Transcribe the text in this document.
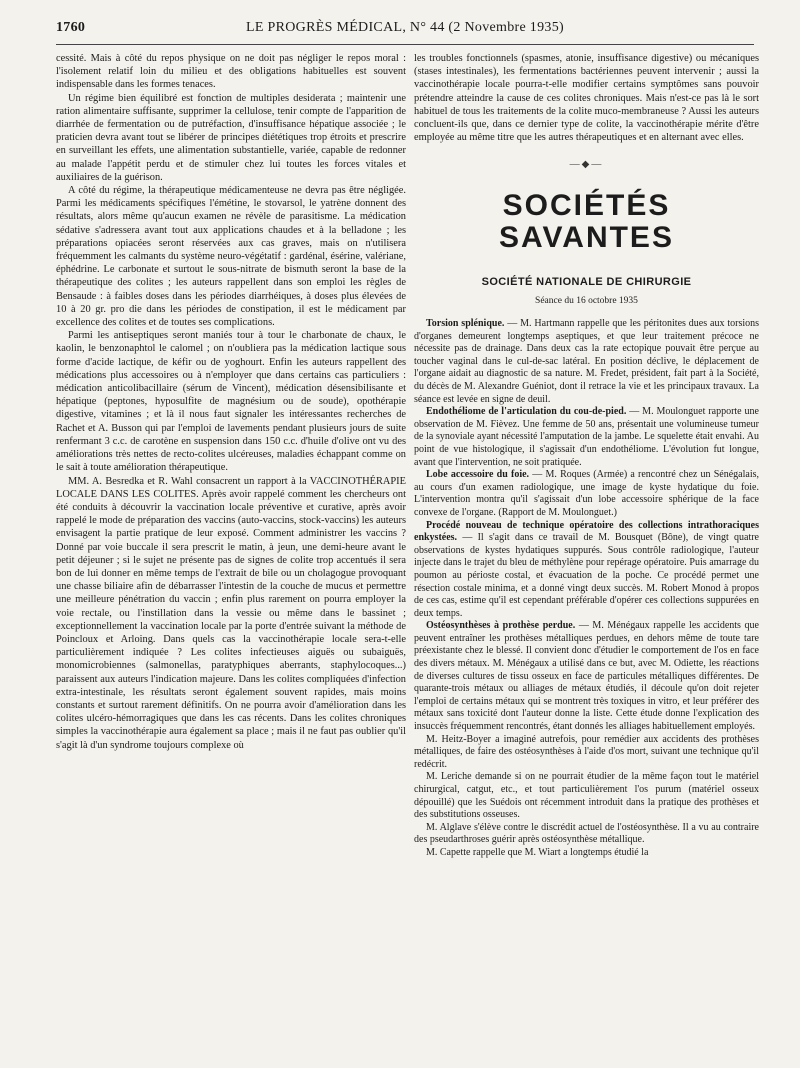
1760	LE PROGRÈS MÉDICAL, N° 44 (2 Novembre 1935)

cessité. Mais à côté du repos physique on ne doit pas négliger le repos moral : l'isolement relatif loin du milieu et des obligations habituelles est souvent indispensable dans les formes tenaces.

Un régime bien équilibré est fonction de multiples desiderata ; maintenir une ration alimentaire suffisante, supprimer la cellulose, tenir compte de l'apparition de diarrhée de fermentation ou de putréfaction, d'insuffisance hépatique associée ; le praticien devra avant tout se libérer de principes diététiques trop étroits et prescrire en surveillant les effets, une alimentation substantielle, variée, capable de redonner au malade l'appétit perdu et de stimuler chez lui toutes les forces vitales et auxiliaires de la guérison.

A côté du régime, la thérapeutique médicamenteuse ne devra pas être négligée. Parmi les médicaments spécifiques l'émétine, le stovarsol, le yatrène donnent des résultats, alors même qu'aucun examen ne révèle de parasitisme. La médication sédative s'adressera avant tout aux applications chaudes et à la belladone ; les préparations opiacées seront réservées aux cas graves, mais on n'utilisera fréquemment les calmants du système neuro-végétatif : gardénal, ésérine, valériane, éphédrine. Le carbonate et surtout le sous-nitrate de bismuth seront la base de la thérapeutique des colites ; les auteurs rappellent dans son emploi les règles de Bensaude : à faibles doses dans les périodes diarrhéiques, à doses plus élevées de 10 à 20 gr. pro die dans les périodes de constipation, il est le médicament par excellence des colites et de toutes ses complications.

Parmi les antiseptiques seront maniés tour à tour le charbonate de chaux, le kaolin, le benzonaphtol le calomel ; on n'oubliera pas la médication lactique sous forme d'acide lactique, de kéfir ou de yoghourt. Enfin les auteurs rappellent des médications plus accessoires ou à n'employer que dans certains cas particuliers : médication anticolibacillaire (sérum de Vincent), médication désensibilisante et hépatique (peptones, hyposulfite de magnésium ou de soude), opothérapie digestive, vitamines ; et là il nous faut signaler les intéressantes recherches de Rachet et A. Busson qui par l'emploi de lavements pendant plusieurs jours de suite renfermant 3 c.c. de carotène en suspension dans 150 c.c. d'huile d'olive ont vu des améliorations très nettes de recto-colites ulcéreuses, maladies échappant comme on le sait à toute amélioration thérapeutique.

MM. A. Besredka et R. Wahl consacrent un rapport à la VACCINOTHÉRAPIE LOCALE DANS LES COLITES. Après avoir rappelé comment les chercheurs ont été conduits à découvrir la vaccination locale préventive et curative, après avoir rappelé le mode de préparation des vaccins (auto-vaccins, stock-vaccins) les auteurs envisagent la partie pratique de leur exposé. Comment administrer les vaccins ? Donné par voie buccale il sera prescrit le matin, à jeun, une demi-heure avant le petit déjeuner ; si le sujet ne présente pas de signes de colite trop accentués il sera bon de lui donner en même temps de l'extrait de bile ou un cholagogue provoquant une chasse biliaire afin de débarrasser l'intestin de la couche de mucus et permettre une meilleure pénétration du vaccin ; enfin plus rarement on pourra employer la voie rectale, ou l'instillation dans la vessie ou même dans le bassinet ; exceptionnellement la vaccination locale par la porte d'entrée suivant la méthode de Poincloux et Arloing. Dans quels cas la vaccinothérapie locale sera-t-elle particulièrement indiquée ? Les colites infectieuses aiguës ou subaiguës, monomicrobiennes (salmonellas, paratyphiques aberrants, staphylocoques...) paraissent aux auteurs l'indication majeure. Dans les colites compliquées d'infection extra-intestinale, les résultats seront également souvent rapides, mais moins constants et surtout rarement définitifs. On ne pourra avoir d'amélioration dans les colites ulcéro-hémorragiques que dans les cas récents. Dans les colites chroniques simples la vaccinothérapie aura également sa place ; mais il ne faut pas oublier qu'il s'agit là d'un syndrome toujours complexe où

les troubles fonctionnels (spasmes, atonie, insuffisance digestive) ou mécaniques (stases intestinales), les fermentations bactériennes peuvent intervenir ; aussi la vaccinothérapie locale pourra-t-elle modifier certains symptômes sans pouvoir prétendre atteindre la cause de ces colites chroniques. Mais n'est-ce pas là le sort habituel de tous les traitements de la colite muco-membraneuse ? Aussi les auteurs concluent-ils que, dans ce dernier type de colite, la vaccinothérapie mérite d'être employée au même titre que les autres thérapeutiques et en alternant avec elles.

—◆—
SOCIÉTÉS SAVANTES
SOCIÉTÉ NATIONALE DE CHIRURGIE
Séance du 16 octobre 1935

Torsion splénique. — M. Hartmann rappelle que les péritonites dues aux torsions d'organes demeurent longtemps aseptiques, et que leur traitement précoce ne nécessite pas de drainage. Dans deux cas la rate ectopique pouvait être perçue au toucher vaginal dans le cul-de-sac latéral. En position déclive, le déplacement de l'organe aidait au diagnostic de sa nature. M. Fredet, président, fait part à la Société, du décès de M. Alexandre Guéniot, dont il retrace la vie et les principaux travaux. La séance est levée en signe de deuil.

Endothéliome de l'articulation du cou-de-pied. — M. Moulonguet rapporte une observation de M. Fièvez. Une femme de 50 ans, présentait une volumineuse tumeur de la synoviale ayant nécessité l'amputation de la jambe. Le squelette était envahi. Au point de vue histologique, il s'agissait d'un endothéliome. L'évolution fut longue, avant que l'intervention, ne soit pratiquée.

Lobe accessoire du foie. — M. Roques (Armée) a rencontré chez un Sénégalais, au cours d'un examen radiologique, une image de kyste hydatique du foie. L'intervention montra qu'il s'agissait d'un lobe accessoire sphérique de la face convexe de l'organe. (Rapport de M. Moulonguet.)

Procédé nouveau de technique opératoire des collections intrathoraciques enkystées. — Il s'agit dans ce travail de M. Bousquet (Bône), de vingt quatre observations de kystes hydatiques suppurés. Sous contrôle radiologique, l'auteur injecte dans le trajet du bleu de méthylène pour repérage opératoire. Puis amarrage du poumon au périoste costal, et évacuation de la poche. Ce procédé permet une résection costale minima, et a donné vingt deux succès. M. Robert Monod à propos de ces cas, estime qu'il est cependant préférable d'opérer ces collections suppurées en deux temps.

Ostéosynthèses à prothèse perdue. — M. Ménégaux rappelle les accidents que peuvent entraîner les prothèses métalliques perdues, en dehors même de toute tare préexistante chez le blessé. Il convient donc d'étudier le comportement de l'os en face des divers métaux. M. Ménégaux a utilisé dans ce but, avec M. Odiette, les réactions de diverses cultures de tissu osseux en face de particules métalliques différentes. De quarante-trois métaux ou alliages de métaux étudiés, il découle qu'on doit rejeter l'emploi de certains métaux qui se montrent très toxiques in vitro, et leur préférer des métaux sans toxicité dont l'auteur donne la liste. Cette étude donne l'explication des insuccès fréquemment rencontrés, étant donnés les alliages habituellement employés.

M. Heitz-Boyer a imaginé autrefois, pour remédier aux accidents des prothèses métalliques, de faire des ostéosynthèses à l'aide d'os mort, suivant une technique qu'il redécrit.

M. Leriche demande si on ne pourrait étudier de la même façon tout le matériel chirurgical, catgut, etc., et tout particulièrement l'os purum (matériel osseux dépouillé) que les Suédois ont récemment introduit dans la pratique des prothèses et des substitutions osseuses.

M. Alglave s'élève contre le discrédit actuel de l'ostéosynthèse. Il a vu au contraire des pseudarthroses guérir après ostéosynthèse métallique.

M. Capette rappelle que M. Wiart a longtemps étudié la
